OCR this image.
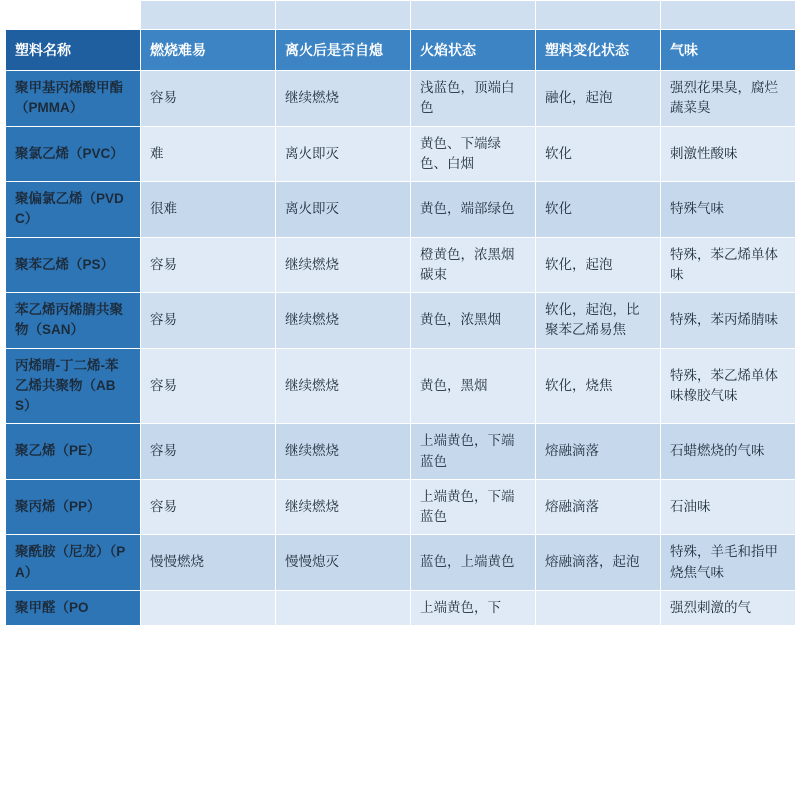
塑料名称	燃烧难易	离火后是否自熄	火焰状态	塑料变化状态	气味
聚甲基丙烯酸甲酯（PMMA）	容易	继续燃烧	浅蓝色，顶端白色	融化，起泡	强烈花果臭，腐烂蔬菜臭
聚氯乙烯（PVC）	难	离火即灭	黄色、下端绿色、白烟	软化	刺激性酸味
聚偏氯乙烯（PVDC）	很难	离火即灭	黄色，端部绿色	软化	特殊气味
聚苯乙烯（PS）	容易	继续燃烧	橙黄色，浓黑烟碳束	软化，起泡	特殊，苯乙烯单体味
苯乙烯丙烯腈共聚物（SAN）	容易	继续燃烧	黄色，浓黑烟	软化，起泡，比聚苯乙烯易焦	特殊，苯丙烯腈味
丙烯晴‐丁二烯‐苯乙烯共聚物（ABS）	容易	继续燃烧	黄色，黑烟	软化，烧焦	特殊，苯乙烯单体味橡胶气味
聚乙烯（PE）	容易	继续燃烧	上端黄色，下端蓝色	熔融滴落	石蜡燃烧的气味
聚丙烯（PP）	容易	继续燃烧	上端黄色，下端蓝色	熔融滴落	石油味
聚酰胺（尼龙）（PA）	慢慢燃烧	慢慢熄灭	蓝色，上端黄色	熔融滴落，起泡	特殊，羊毛和指甲烧焦气味
聚甲醛（PO			上端黄色，下		强烈刺激的气
